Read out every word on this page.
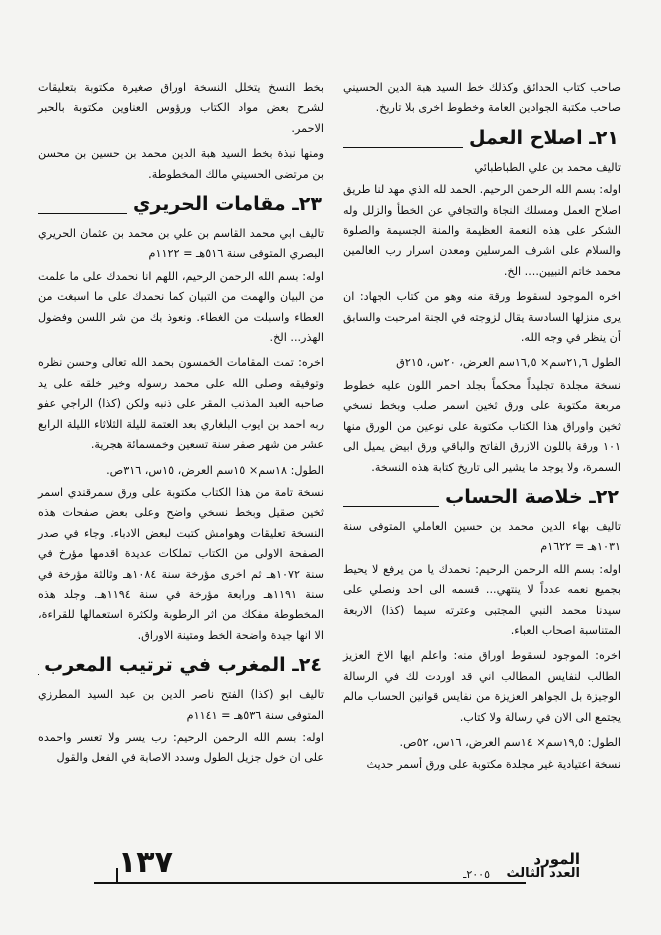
صاحب كتاب الحدائق وكذلك خط السيد هبة الدين الحسيني صاحب مكتبة الجوادين العامة وخطوط اخرى بلا تاريخ.

٢١ـ اصلاح العمل

تاليف محمد بن علي الطباطبائي

اوله: بسم الله الرحمن الرحيم. الحمد لله الذي مهد لنا طريق اصلاح العمل ومسلك النجاة والتجافي عن الخطأ والزلل وله الشكر على هذه النعمة العظيمة والمنة الجسيمة والصلوة والسلام على اشرف المرسلين ومعدن اسرار رب العالمين محمد خاتم النبيين.... الخ.

اخره الموجود لسقوط ورقة منه وهو من كتاب الجهاد: ان يرى منزلها السادسة يقال لزوجته في الجنة امرحبت والسابق أن ينظر في وجه الله.

الطول ٢١,٦سم× ١٦,٥سم العرض، ٢٠س، ٢١٥ق

نسخة مجلدة تجليداً محكماً بجلد احمر اللون عليه خطوط مربعة مكتوبة على ورق ثخين اسمر صلب وبخط نسخي ثخين واوراق هذا الكتاب مكتوبة على نوعين من الورق منها ١٠١ ورقة باللون الازرق الفاتح والباقي ورق ابيض يميل الى السمرة، ولا يوجد ما يشير الى تاريخ كتابة هذه النسخة.

٢٢ـ خلاصة الحساب

تاليف بهاء الدين محمد بن حسين العاملي المتوفى سنة ١٠٣١هـ = ١٦٢٢م

اوله: بسم الله الرحمن الرحيم: نحمدك يا من يرفع لا يحيط بجميع نعمه عدداً لا ينتهي... قسمه الى احد ونصلي على سيدنا محمد النبي المجتبى وعترته سيما (كذا) الاربعة المتناسبة اصحاب العباء.

اخره: الموجود لسقوط اوراق منه: واعلم ايها الاخ العزيز الطالب لنفايس المطالب اني قد اوردت لك في الرسالة الوجيزة بل الجواهر العزيزة من نفايس قوانين الحساب مالم يجتمع الى الان في رسالة ولا كتاب.

الطول: ١٩,٥سم× ١٤سم العرض، ١٦س، ٥٢ص.

نسخة اعتيادية غير مجلدة مكتوبة على ورق أسمر حديث

بخط النسخ يتخلل النسخة اوراق صغيرة مكتوبة بتعليقات لشرح بعض مواد الكتاب ورؤوس العناوين مكتوبة بالحبر الاحمر.

ومنها نبذة بخط السيد هبة الدين محمد بن حسين بن محسن بن مرتضى الحسيني مالك المخطوطة.

٢٣ـ مقامات الحريري

تاليف ابي محمد القاسم بن علي بن محمد بن عثمان الحريري البصري المتوفى سنة ٥١٦هـ = ١١٢٢م

اوله: بسم الله الرحمن الرحيم، اللهم انا نحمدك على ما علمت من البيان والهمت من التبيان كما نحمدك على ما اسبغت من العطاء واسبلت من الغطاء. ونعوذ بك من شر اللسن وفضول الهذر... الخ.

اخره: تمت المقامات الخمسون بحمد الله تعالى وحسن نظره وتوفيقه وصلى الله على محمد رسوله وخير خلقه على يد صاحبه العبد المذنب المقر على ذنبه ولكن (كذا) الراجي عفو ربه احمد بن ايوب البلغاري بعد العتمة لليلة الثلاثاء الليلة الرابع عشر من شهر صفر سنة تسعين وخمسمائة هجرية.

الطول: ١٨سم× ١٥سم العرض، ١٥س، ٣١٦ص.

نسخة تامة من هذا الكتاب مكتوبة على ورق سمرقندي اسمر ثخين صقيل وبخط نسخي واضح وعلى بعض صفحات هذه النسخة تعليقات وهوامش كتبت لبعض الادباء. وجاء في صدر الصفحة الاولى من الكتاب تملكات عديدة اقدمها مؤرخ في سنة ١٠٧٢هـ ثم اخرى مؤرخة سنة ١٠٨٤هـ وثالثة مؤرخة في سنة ١١٩١هـ ورابعة مؤرخة في سنة ١١٩٤هـ. وجلد هذه المخطوطة مفكك من اثر الرطوبة ولكثرة استعمالها للقراءة، الا انها جيدة واضحة الخط ومتينة الاوراق.

٢٤ـ المغرب في ترتيب المعرب

تاليف ابو (كذا) الفتح ناصر الدين بن عبد السيد المطرزي المتوفى سنة ٥٣٦هـ = ١١٤١م

اوله: بسم الله الرحمن الرحيم: رب يسر ولا تعسر واحمده على ان خول جزيل الطول وسدد الاصابة في الفعل والقول

١٣٧	المورد
العدد الثالث
٢٠٠٥ـ
